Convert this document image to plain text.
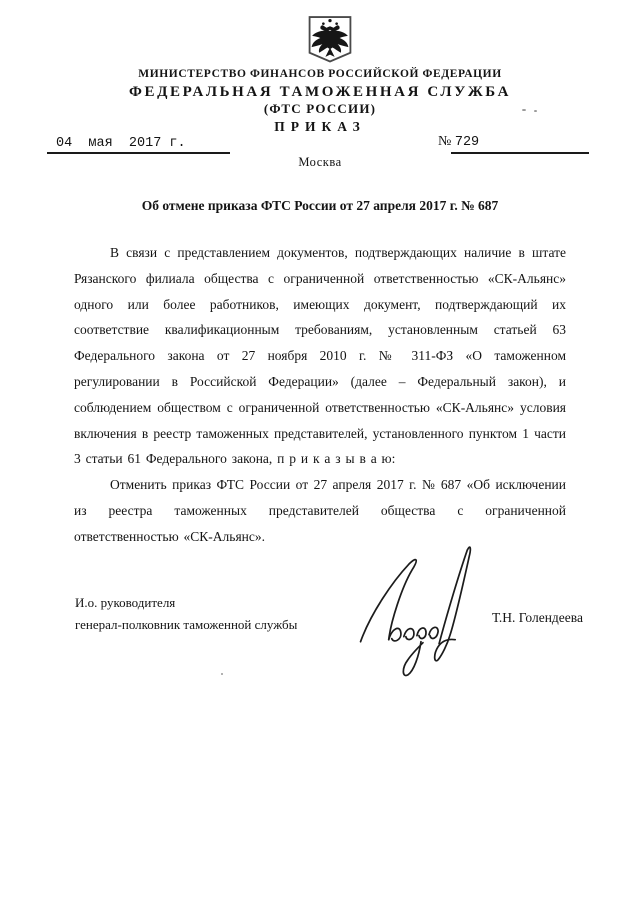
МИНИСТЕРСТВО ФИНАНСОВ РОССИЙСКОЙ ФЕДЕРАЦИИ
ФЕДЕРАЛЬНАЯ ТАМОЖЕННАЯ СЛУЖБА
(ФТС РОССИИ)
ПРИКАЗ
04  мая  2017 г.	№ 729
Москва
Об отмене приказа ФТС России от 27 апреля 2017 г. № 687

В связи с представлением документов, подтверждающих наличие в штате Рязанского филиала общества с ограниченной ответственностью «СК-Альянс» одного или более работников, имеющих документ, подтверждающий их соответствие квалификационным требованиям, установленным статьей 63 Федерального закона от 27 ноября 2010 г. № 311-ФЗ «О таможенном регулировании в Российской Федерации» (далее – Федеральный закон), и соблюдением обществом с ограниченной ответственностью «СК-Альянс» условия включения в реестр таможенных представителей, установленного пунктом 1 части 3 статьи 61 Федерального закона, п р и к а з ы в а ю:

Отменить приказ ФТС России от 27 апреля 2017 г. № 687 «Об исключении из реестра таможенных представителей общества с ограниченной ответственностью «СК-Альянс».

И.о. руководителя
генерал-полковник таможенной службы	Т.Н. Голендеева
